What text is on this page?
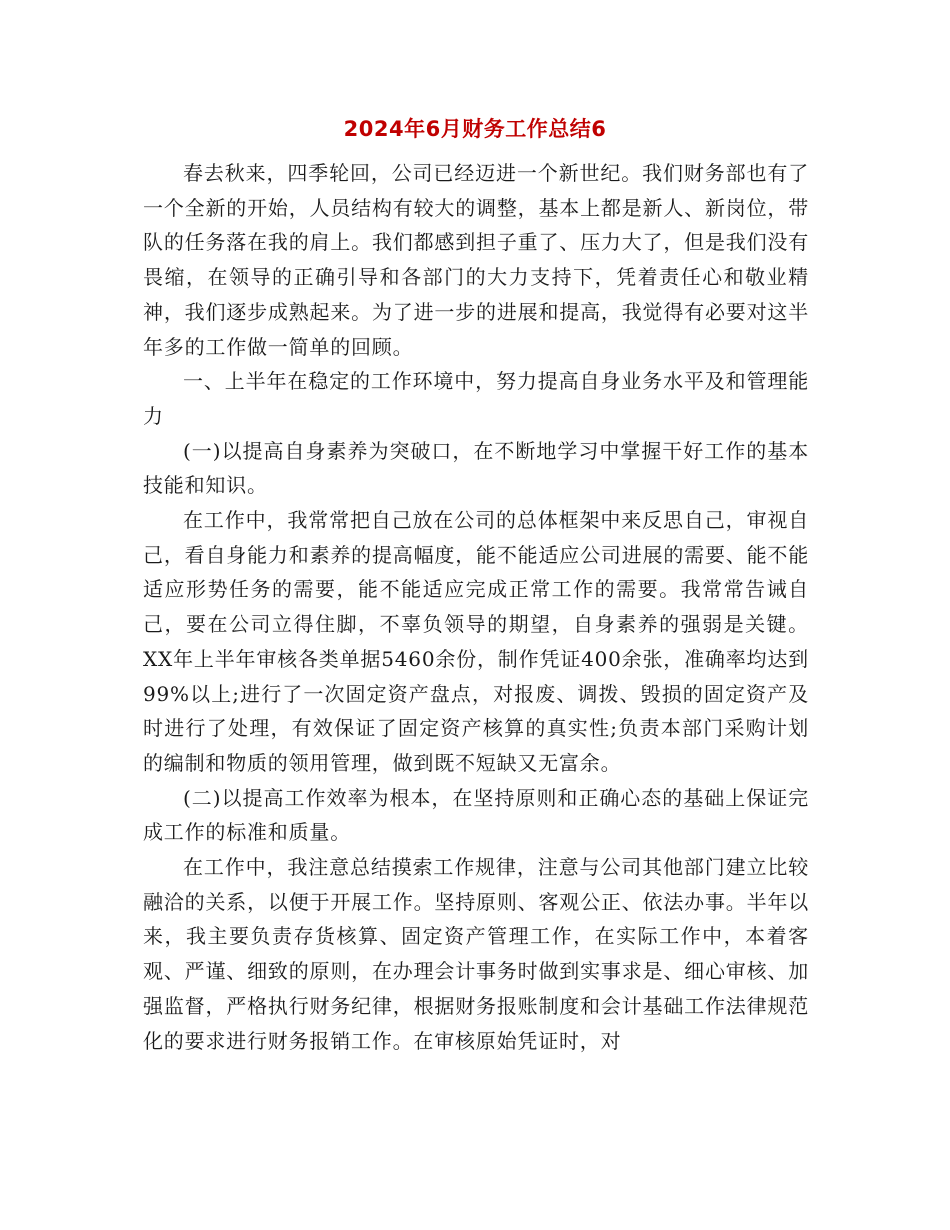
2024年6月财务工作总结6

春去秋来，四季轮回，公司已经迈进一个新世纪。我们财务部也有了一个全新的开始，人员结构有较大的调整，基本上都是新人、新岗位，带队的任务落在我的肩上。我们都感到担子重了、压力大了，但是我们没有畏缩，在领导的正确引导和各部门的大力支持下，凭着责任心和敬业精神，我们逐步成熟起来。为了进一步的进展和提高，我觉得有必要对这半年多的工作做一简单的回顾。

一、上半年在稳定的工作环境中，努力提高自身业务水平及和管理能力

(一)以提高自身素养为突破口，在不断地学习中掌握干好工作的基本技能和知识。

在工作中，我常常把自己放在公司的总体框架中来反思自己，审视自己，看自身能力和素养的提高幅度，能不能适应公司进展的需要、能不能适应形势任务的需要，能不能适应完成正常工作的需要。我常常告诫自己，要在公司立得住脚，不辜负领导的期望，自身素养的强弱是关键。XX年上半年审核各类单据5460余份，制作凭证400余张，准确率均达到99%以上;进行了一次固定资产盘点，对报废、调拨、毁损的固定资产及时进行了处理，有效保证了固定资产核算的真实性;负责本部门采购计划的编制和物质的领用管理，做到既不短缺又无富余。

(二)以提高工作效率为根本，在坚持原则和正确心态的基础上保证完成工作的标准和质量。

在工作中，我注意总结摸索工作规律，注意与公司其他部门建立比较融洽的关系，以便于开展工作。坚持原则、客观公正、依法办事。半年以来，我主要负责存货核算、固定资产管理工作，在实际工作中，本着客观、严谨、细致的原则，在办理会计事务时做到实事求是、细心审核、加强监督，严格执行财务纪律，根据财务报账制度和会计基础工作法律规范化的要求进行财务报销工作。在审核原始凭证时，对
